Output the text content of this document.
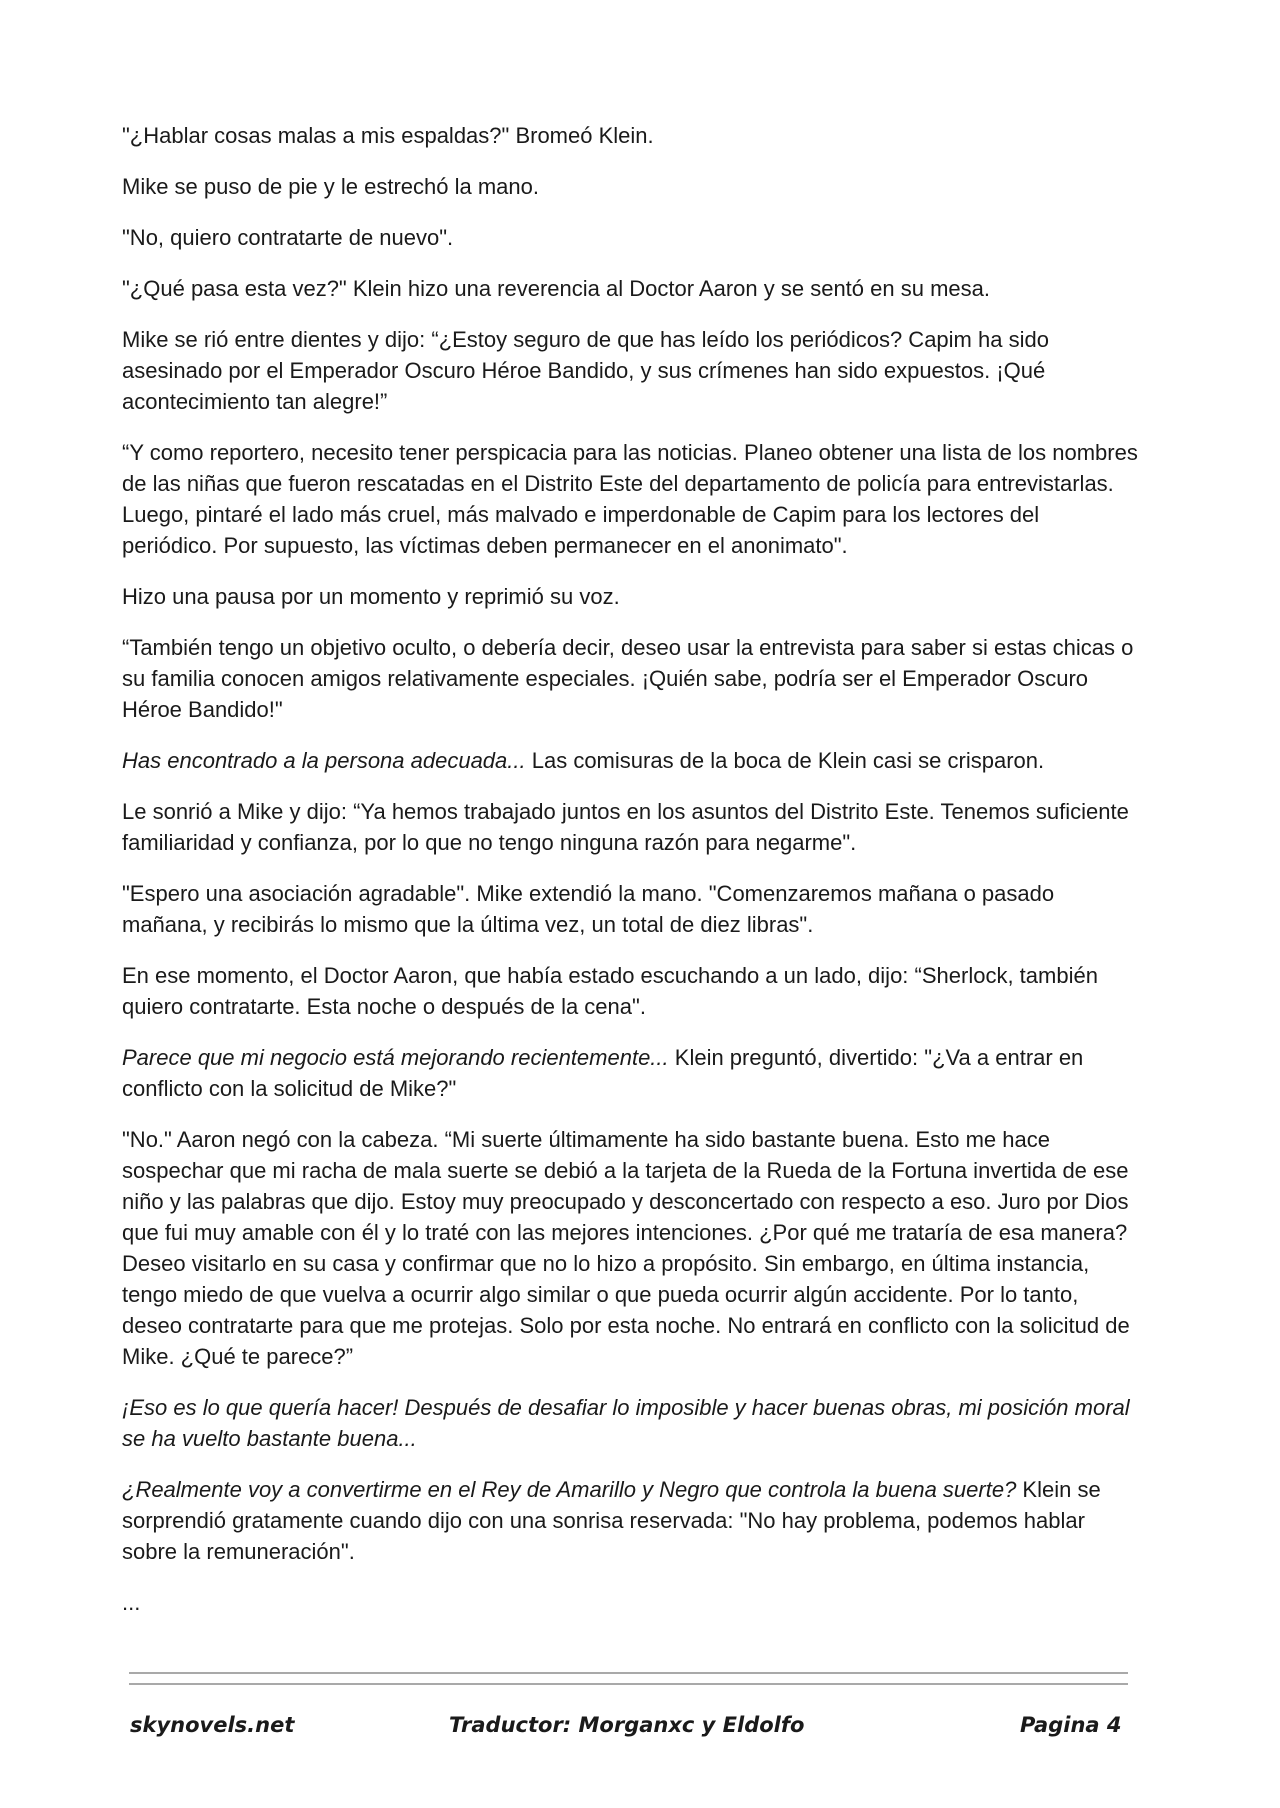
"¿Hablar cosas malas a mis espaldas?" Bromeó Klein.

Mike se puso de pie y le estrechó la mano.

"No, quiero contratarte de nuevo".

"¿Qué pasa esta vez?" Klein hizo una reverencia al Doctor Aaron y se sentó en su mesa.

Mike se rió entre dientes y dijo: “¿Estoy seguro de que has leído los periódicos? Capim ha sido asesinado por el Emperador Oscuro Héroe Bandido, y sus crímenes han sido expuestos. ¡Qué acontecimiento tan alegre!”

“Y como reportero, necesito tener perspicacia para las noticias. Planeo obtener una lista de los nombres de las niñas que fueron rescatadas en el Distrito Este del departamento de policía para entrevistarlas. Luego, pintaré el lado más cruel, más malvado e imperdonable de Capim para los lectores del periódico. Por supuesto, las víctimas deben permanecer en el anonimato".

Hizo una pausa por un momento y reprimió su voz.

“También tengo un objetivo oculto, o debería decir, deseo usar la entrevista para saber si estas chicas o su familia conocen amigos relativamente especiales. ¡Quién sabe, podría ser el Emperador Oscuro Héroe Bandido!"

Has encontrado a la persona adecuada... Las comisuras de la boca de Klein casi se crisparon.

Le sonrió a Mike y dijo: “Ya hemos trabajado juntos en los asuntos del Distrito Este. Tenemos suficiente familiaridad y confianza, por lo que no tengo ninguna razón para negarme".

"Espero una asociación agradable". Mike extendió la mano. "Comenzaremos mañana o pasado mañana, y recibirás lo mismo que la última vez, un total de diez libras".

En ese momento, el Doctor Aaron, que había estado escuchando a un lado, dijo: “Sherlock, también quiero contratarte. Esta noche o después de la cena".

Parece que mi negocio está mejorando recientemente... Klein preguntó, divertido: "¿Va a entrar en conflicto con la solicitud de Mike?"

"No." Aaron negó con la cabeza. “Mi suerte últimamente ha sido bastante buena. Esto me hace sospechar que mi racha de mala suerte se debió a la tarjeta de la Rueda de la Fortuna invertida de ese niño y las palabras que dijo. Estoy muy preocupado y desconcertado con respecto a eso. Juro por Dios que fui muy amable con él y lo traté con las mejores intenciones. ¿Por qué me trataría de esa manera? Deseo visitarlo en su casa y confirmar que no lo hizo a propósito. Sin embargo, en última instancia, tengo miedo de que vuelva a ocurrir algo similar o que pueda ocurrir algún accidente. Por lo tanto, deseo contratarte para que me protejas. Solo por esta noche. No entrará en conflicto con la solicitud de Mike. ¿Qué te parece?”

¡Eso es lo que quería hacer! Después de desafiar lo imposible y hacer buenas obras, mi posición moral se ha vuelto bastante buena...

¿Realmente voy a convertirme en el Rey de Amarillo y Negro que controla la buena suerte? Klein se sorprendió gratamente cuando dijo con una sonrisa reservada: "No hay problema, podemos hablar sobre la remuneración".

...

skynovels.net	Traductor: Morganxc y Eldolfo	Pagina 4
